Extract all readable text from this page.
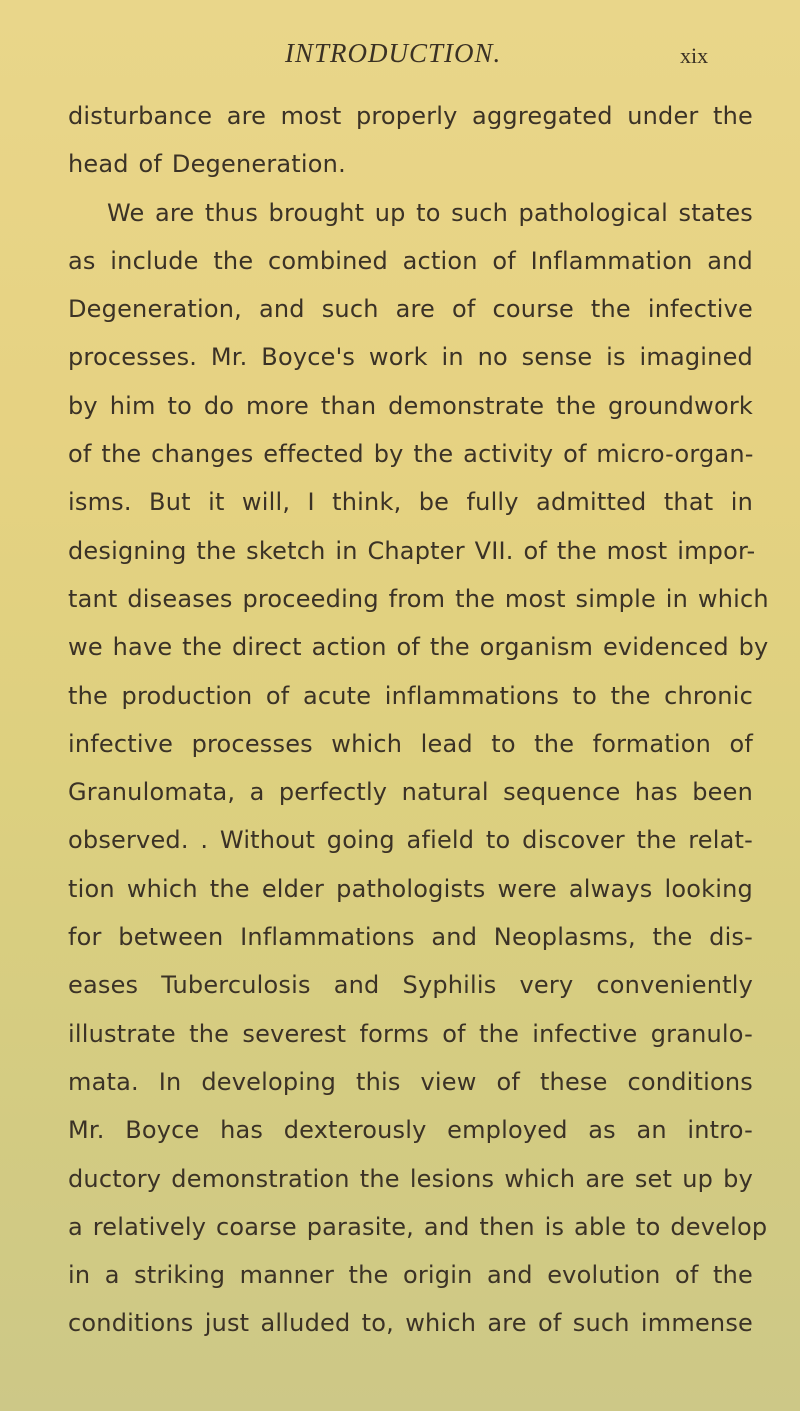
INTRODUCTION.	xix
disturbance are most properly aggregated under the
head of Degeneration.
We are thus brought up to such pathological states
as include the combined action of Inflammation and
Degeneration, and such are of course the infective
processes. Mr. Boyce's work in no sense is imagined
by him to do more than demonstrate the groundwork
of the changes effected by the activity of micro-organ-
isms. But it will, I think, be fully admitted that in
designing the sketch in Chapter VII. of the most impor-
tant diseases proceeding from the most simple in which
we have the direct action of the organism evidenced by
the production of acute inflammations to the chronic
infective processes which lead to the formation of
Granulomata, a perfectly natural sequence has been
observed. . Without going afield to discover the relat-
tion which the elder pathologists were always looking
for between Inflammations and Neoplasms, the dis-
eases Tuberculosis and Syphilis very conveniently
illustrate the severest forms of the infective granulo-
mata. In developing this view of these conditions
Mr. Boyce has dexterously employed as an intro-
ductory demonstration the lesions which are set up by
a relatively coarse parasite, and then is able to develop
in a striking manner the origin and evolution of the
conditions just alluded to, which are of such immense
